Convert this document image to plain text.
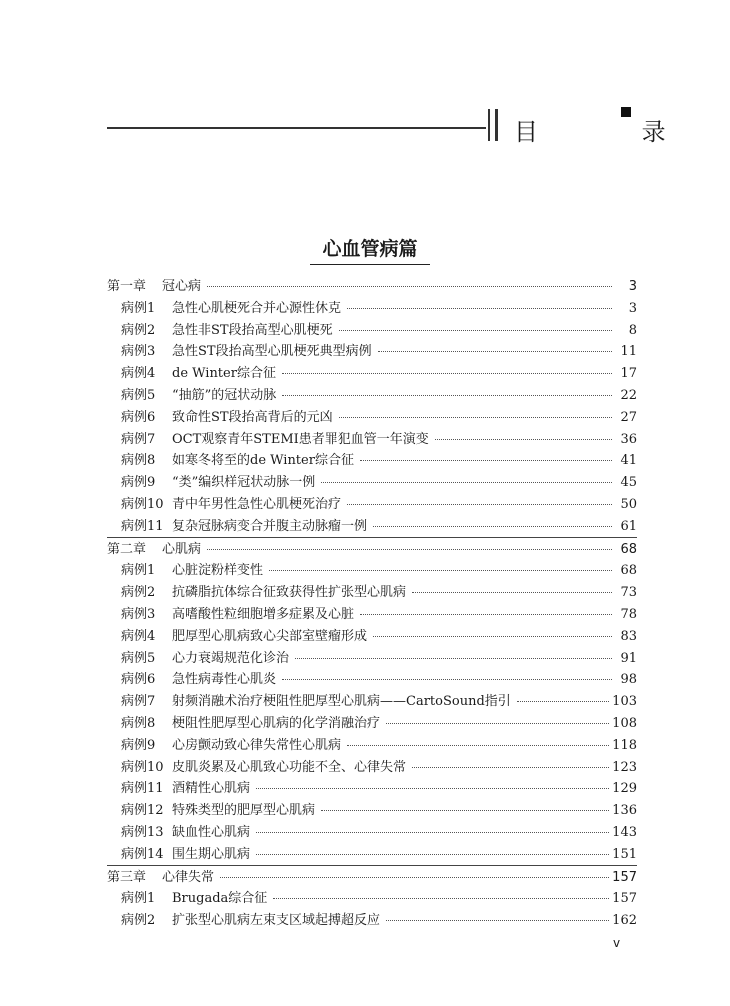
目 录
心血管病篇
第一章	冠心病	3
病例1	急性心肌梗死合并心源性休克	3
病例2	急性非ST段抬高型心肌梗死	8
病例3	急性ST段抬高型心肌梗死典型病例	11
病例4	de Winter综合征	17
病例5	“抽筋”的冠状动脉	22
病例6	致命性ST段抬高背后的元凶	27
病例7	OCT观察青年STEMI患者罪犯血管一年演变	36
病例8	如寒冬将至的de Winter综合征	41
病例9	“类”编织样冠状动脉一例	45
病例10 青中年男性急性心肌梗死治疗	50
病例11 复杂冠脉病变合并腹主动脉瘤一例	61
第二章	心肌病	68
病例1	心脏淀粉样变性	68
病例2	抗磷脂抗体综合征致获得性扩张型心肌病	73
病例3	高嗜酸性粒细胞增多症累及心脏	78
病例4	肥厚型心肌病致心尖部室壁瘤形成	83
病例5	心力衰竭规范化诊治	91
病例6	急性病毒性心肌炎	98
病例7	射频消融术治疗梗阻性肥厚型心肌病——CartoSound指引	103
病例8	梗阻性肥厚型心肌病的化学消融治疗	108
病例9	心房颤动致心律失常性心肌病	118
病例10 皮肌炎累及心肌致心功能不全、心律失常	123
病例11 酒精性心肌病	129
病例12 特殊类型的肥厚型心肌病	136
病例13 缺血性心肌病	143
病例14 围生期心肌病	151
第三章	心律失常	157
病例1	Brugada综合征	157
病例2	扩张型心肌病左束支区域起搏超反应	162
v
